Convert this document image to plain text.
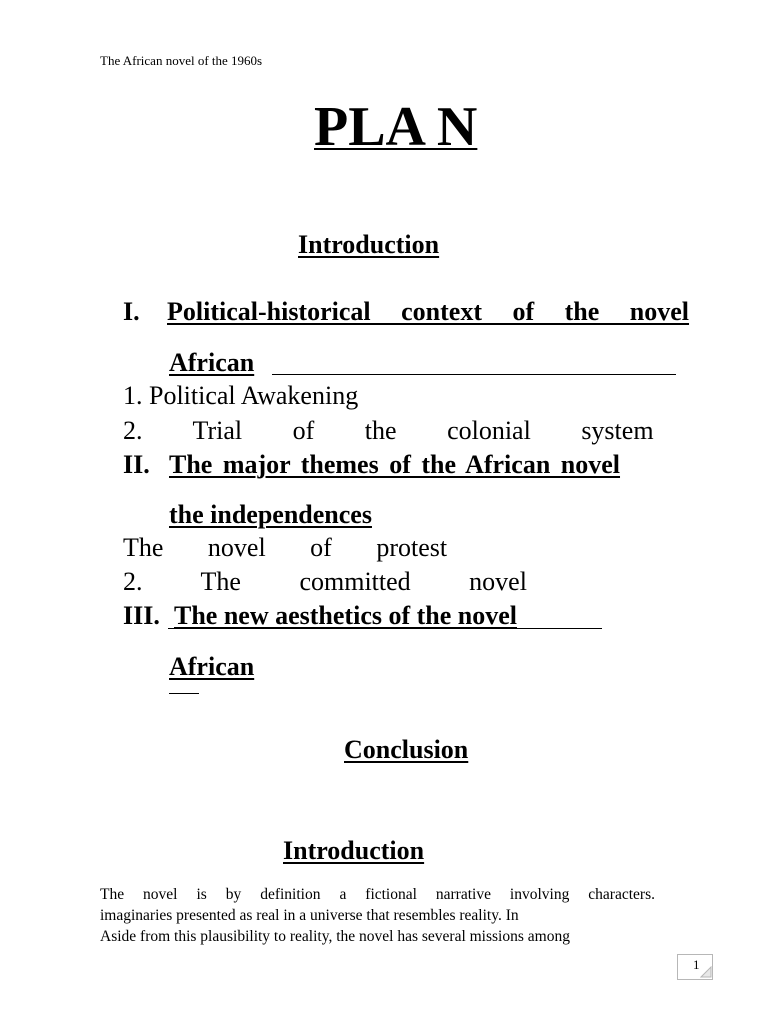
The African novel of the 1960s
PLA N
Introduction
I. Political-historical context of the novel
African
1. Political Awakening
2. Trial of the colonial system
II. The major themes of the African novel
the independences
The novel of protest
2. The committed novel
III. The new aesthetics of the novel
African
Conclusion
Introduction
The novel is by definition a fictional narrative involving characters.
imaginaries presented as real in a universe that resembles reality. In
Aside from this plausibility to reality, the novel has several missions among
1
